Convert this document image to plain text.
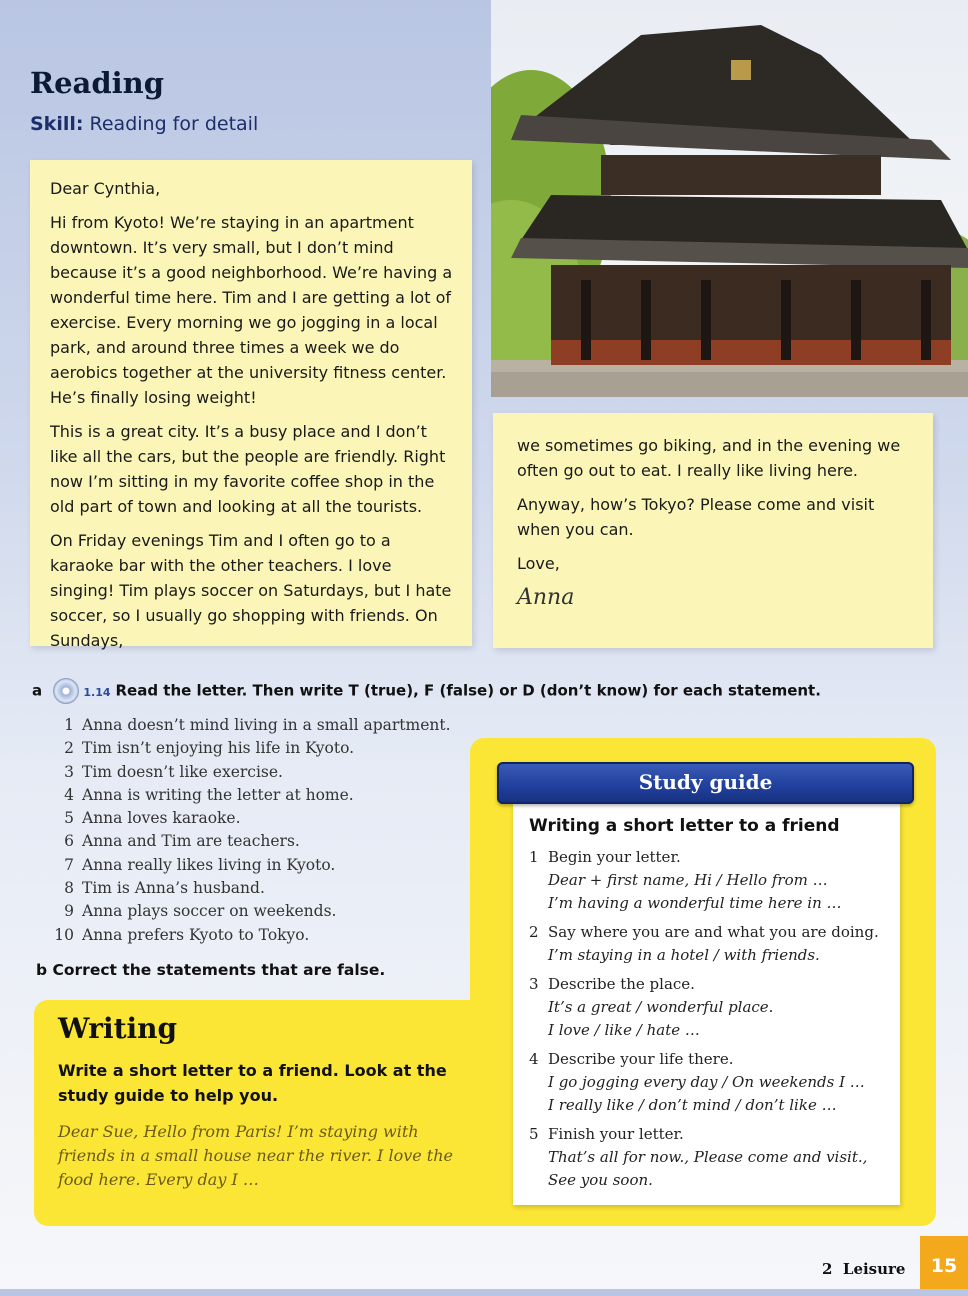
Reading
Skill: Reading for detail

Dear Cynthia,

Hi from Kyoto! We’re staying in an apartment downtown. It’s very small, but I don’t mind because it’s a good neighborhood. We’re having a wonderful time here. Tim and I are getting a lot of exercise. Every morning we go jogging in a local park, and around three times a week we do aerobics together at the university fitness center. He’s finally losing weight!

This is a great city. It’s a busy place and I don’t like all the cars, but the people are friendly. Right now I’m sitting in my favorite coffee shop in the old part of town and looking at all the tourists.

On Friday evenings Tim and I often go to a karaoke bar with the other teachers. I love singing! Tim plays soccer on Saturdays, but I hate soccer, so I usually go shopping with friends. On Sundays,

we sometimes go biking, and in the evening we often go out to eat. I really like living here.

Anyway, how’s Tokyo? Please come and visit when you can.

Love,

Anna
a	1.14 Read the letter. Then write T (true), F (false) or D (don’t know) for each statement.
1 Anna doesn’t mind living in a small apartment.
2 Tim isn’t enjoying his life in Kyoto.
3 Tim doesn’t like exercise.
4 Anna is writing the letter at home.
5 Anna loves karaoke.
6 Anna and Tim are teachers.
7 Anna really likes living in Kyoto.
8 Tim is Anna’s husband.
9 Anna plays soccer on weekends.
10 Anna prefers Kyoto to Tokyo.
b Correct the statements that are false.
Writing
Write a short letter to a friend. Look at the study guide to help you.
Dear Sue, Hello from Paris! I’m staying with friends in a small house near the river. I love the food here. Every day I …
Study guide
Writing a short letter to a friend
1 Begin your letter.
Dear + first name, Hi / Hello from …
I’m having a wonderful time here in …
2 Say where you are and what you are doing.
I’m staying in a hotel / with friends.
3 Describe the place.
It’s a great / wonderful place.
I love / like / hate …
4 Describe your life there.
I go jogging every day / On weekends I …
I really like / don’t mind / don’t like …
5 Finish your letter.
That’s all for now., Please come and visit.,
See you soon.
2 Leisure	15
